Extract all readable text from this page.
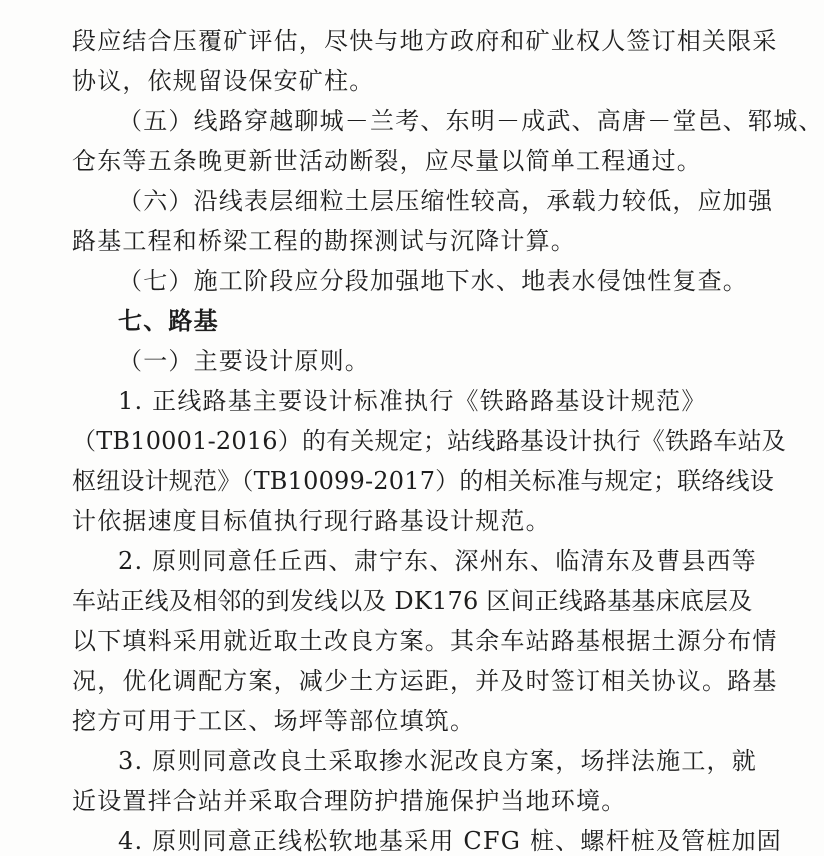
段应结合压覆矿评估，尽快与地方政府和矿业权人签订相关限采
协议，依规留设保安矿柱。
（五）线路穿越聊城－兰考、东明－成武、高唐－堂邑、郓城、
仓东等五条晚更新世活动断裂，应尽量以简单工程通过。
（六）沿线表层细粒土层压缩性较高，承载力较低，应加强
路基工程和桥梁工程的勘探测试与沉降计算。
（七）施工阶段应分段加强地下水、地表水侵蚀性复查。
七、路基
（一）主要设计原则。
1. 正线路基主要设计标准执行《铁路路基设计规范》
（TB10001-2016）的有关规定；站线路基设计执行《铁路车站及
枢纽设计规范》（TB10099-2017）的相关标准与规定；联络线设
计依据速度目标值执行现行路基设计规范。
2. 原则同意任丘西、肃宁东、深州东、临清东及曹县西等
车站正线及相邻的到发线以及 DK176 区间正线路基基床底层及
以下填料采用就近取土改良方案。其余车站路基根据土源分布情
况，优化调配方案，减少土方运距，并及时签订相关协议。路基
挖方可用于工区、场坪等部位填筑。
3. 原则同意改良土采取掺水泥改良方案，场拌法施工，就
近设置拌合站并采取合理防护措施保护当地环境。
4. 原则同意正线松软地基采用 CFG 桩、螺杆桩及管桩加固
